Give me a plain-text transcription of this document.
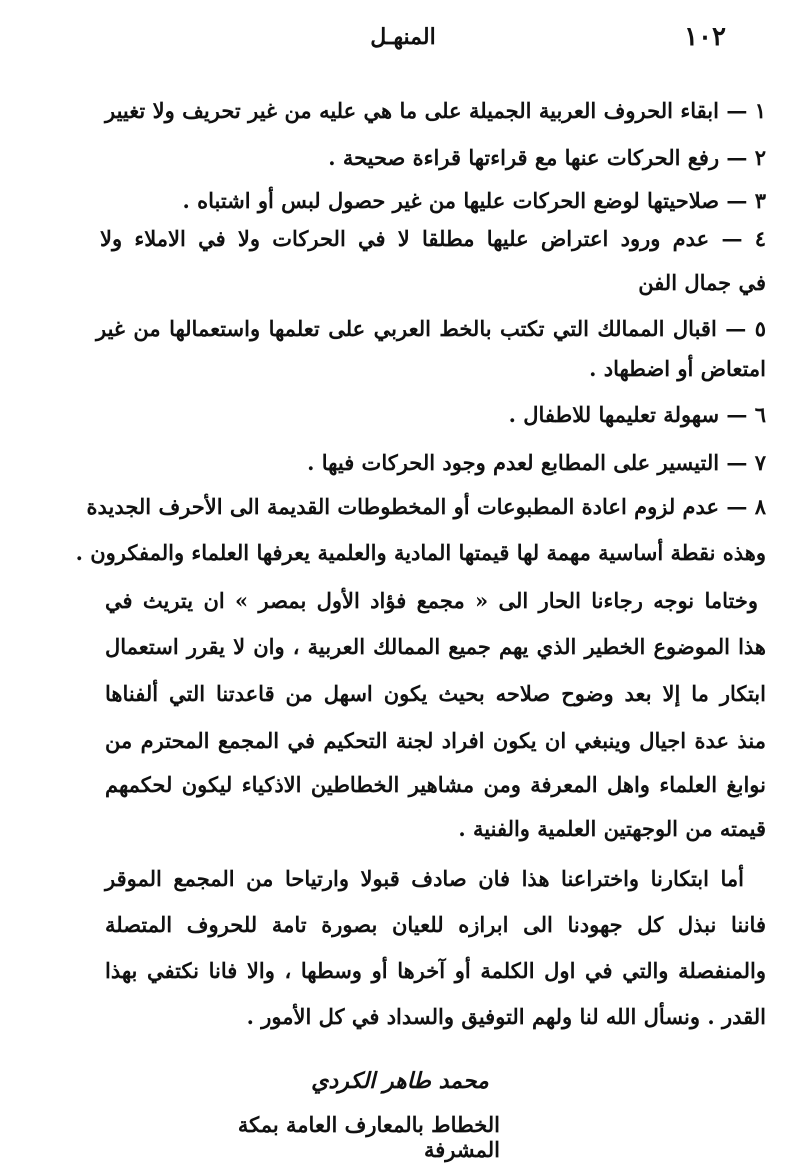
١٠٢
المنهـل
١ — ابقاء الحروف العربية الجميلة على ما هي عليه من غير تحريف ولا تغيير
٢ — رفع الحركات عنها مع قراءتها قراءة صحيحة .
٣ — صلاحيتها لوضع الحركات عليها من غير حصول لبس أو اشتباه .
٤ — عدم ورود اعتراض عليها مطلقا لا في الحركات ولا في الاملاء ولا
في جمال الفن
٥ — اقبال الممالك التي تكتب بالخط العربي على تعلمها واستعمالها من غير
امتعاض أو اضطهاد .
٦ — سهولة تعليمها للاطفال .
٧ — التيسير على المطابع لعدم وجود الحركات فيها .
٨ — عدم لزوم اعادة المطبوعات أو المخطوطات القديمة الى الأحرف الجديدة
وهذه نقطة أساسية مهمة لها قيمتها المادية والعلمية يعرفها العلماء والمفكرون .
وختاما نوجه رجاءنا الحار الى « مجمع فؤاد الأول بمصر » ان يتريث في
هذا الموضوع الخطير الذي يهم جميع الممالك العربية ، وان لا يقرر استعمال
ابتكار ما إلا بعد وضوح صلاحه بحيث يكون اسهل من قاعدتنا التي ألفناها
منذ عدة اجيال وينبغي ان يكون افراد لجنة التحكيم في المجمع المحترم من
نوابغ العلماء واهل المعرفة ومن مشاهير الخطاطين الاذكياء ليكون لحكمهم
قيمته من الوجهتين العلمية والفنية .
أما ابتكارنا واختراعنا هذا فان صادف قبولا وارتياحا من المجمع الموقر
فاننا نبذل كل جهودنا الى ابرازه للعيان بصورة تامة للحروف المتصلة
والمنفصلة والتي في اول الكلمة أو آخرها أو وسطها ، والا فانا نكتفي بهذا
القدر . ونسأل الله لنا ولهم التوفيق والسداد في كل الأمور .
محمد طاهر الكردي
الخطاط بالمعارف العامة بمكة المشرفة
